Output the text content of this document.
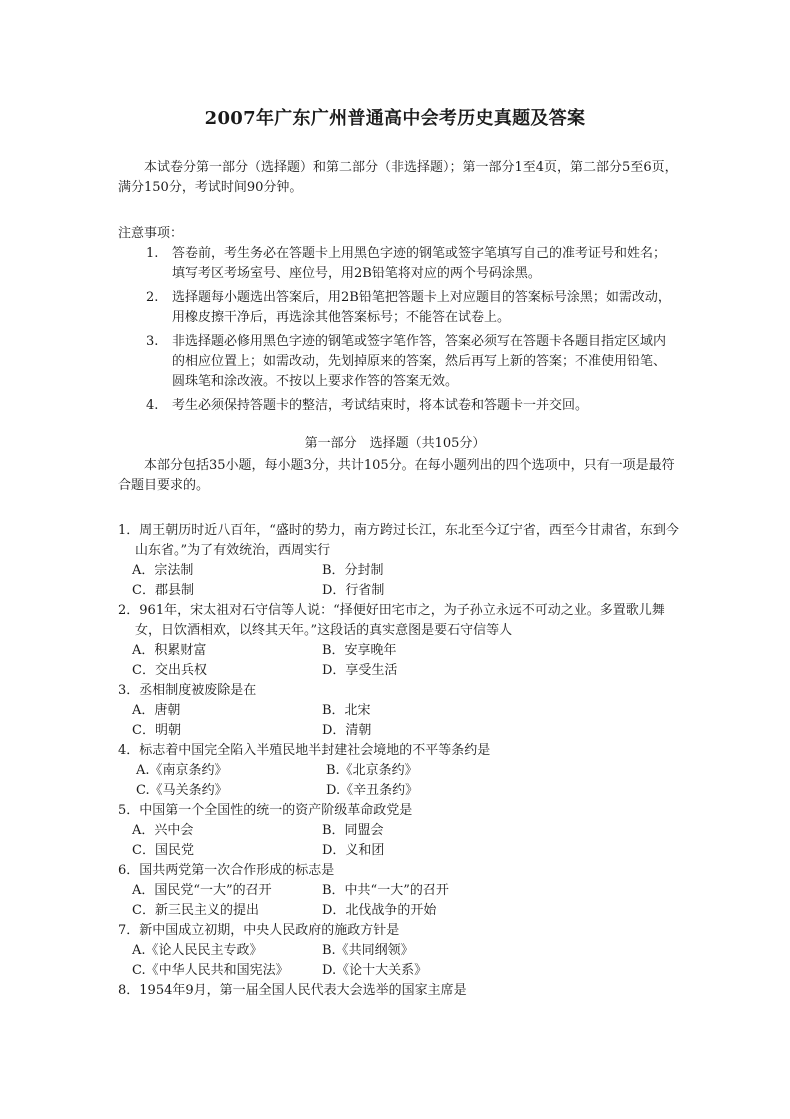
2007年广东广州普通高中会考历史真题及答案

本试卷分第一部分（选择题）和第二部分（非选择题）；第一部分1至4页，第二部分5至6页，满分150分，考试时间90分钟。

注意事项：
1. 答卷前，考生务必在答题卡上用黑色字迹的钢笔或签字笔填写自己的准考证号和姓名；填写考区考场室号、座位号，用2B铅笔将对应的两个号码涂黑。
2. 选择题每小题选出答案后，用2B铅笔把答题卡上对应题目的答案标号涂黑；如需改动，用橡皮擦干净后，再选涂其他答案标号；不能答在试卷上。
3. 非选择题必修用黑色字迹的钢笔或签字笔作答，答案必须写在答题卡各题目指定区域内的相应位置上；如需改动，先划掉原来的答案，然后再写上新的答案；不准使用铅笔、圆珠笔和涂改液。不按以上要求作答的答案无效。
4. 考生必须保持答题卡的整洁，考试结束时，将本试卷和答题卡一并交回。
第一部分　选择题（共105分）

本部分包括35小题，每小题3分，共计105分。在每小题列出的四个选项中，只有一项是最符合题目要求的。

1．周王朝历时近八百年，“盛时的势力，南方跨过长江，东北至今辽宁省，西至今甘肃省，东到今山东省。”为了有效统治，西周实行
A．宗法制	B．分封制
C．郡县制	D．行省制
2．961年，宋太祖对石守信等人说：“择便好田宅市之，为子孙立永远不可动之业。多置歌儿舞女，日饮酒相欢，以终其天年。”这段话的真实意图是要石守信等人
A．积累财富	B．安享晚年
C．交出兵权	D．享受生活
3．丞相制度被废除是在
A．唐朝	B．北宋
C．明朝	D．清朝
4．标志着中国完全陷入半殖民地半封建社会境地的不平等条约是
A.《南京条约》	B.《北京条约》
C.《马关条约》	D.《辛丑条约》
5．中国第一个全国性的统一的资产阶级革命政党是
A．兴中会	B．同盟会
C．国民党	D．义和团
6．国共两党第一次合作形成的标志是
A．国民党“一大”的召开	B．中共“一大”的召开
C．新三民主义的提出	D．北伐战争的开始
7．新中国成立初期，中央人民政府的施政方针是
A.《论人民民主专政》	B.《共同纲领》
C.《中华人民共和国宪法》	D.《论十大关系》
8．1954年9月，第一届全国人民代表大会选举的国家主席是
